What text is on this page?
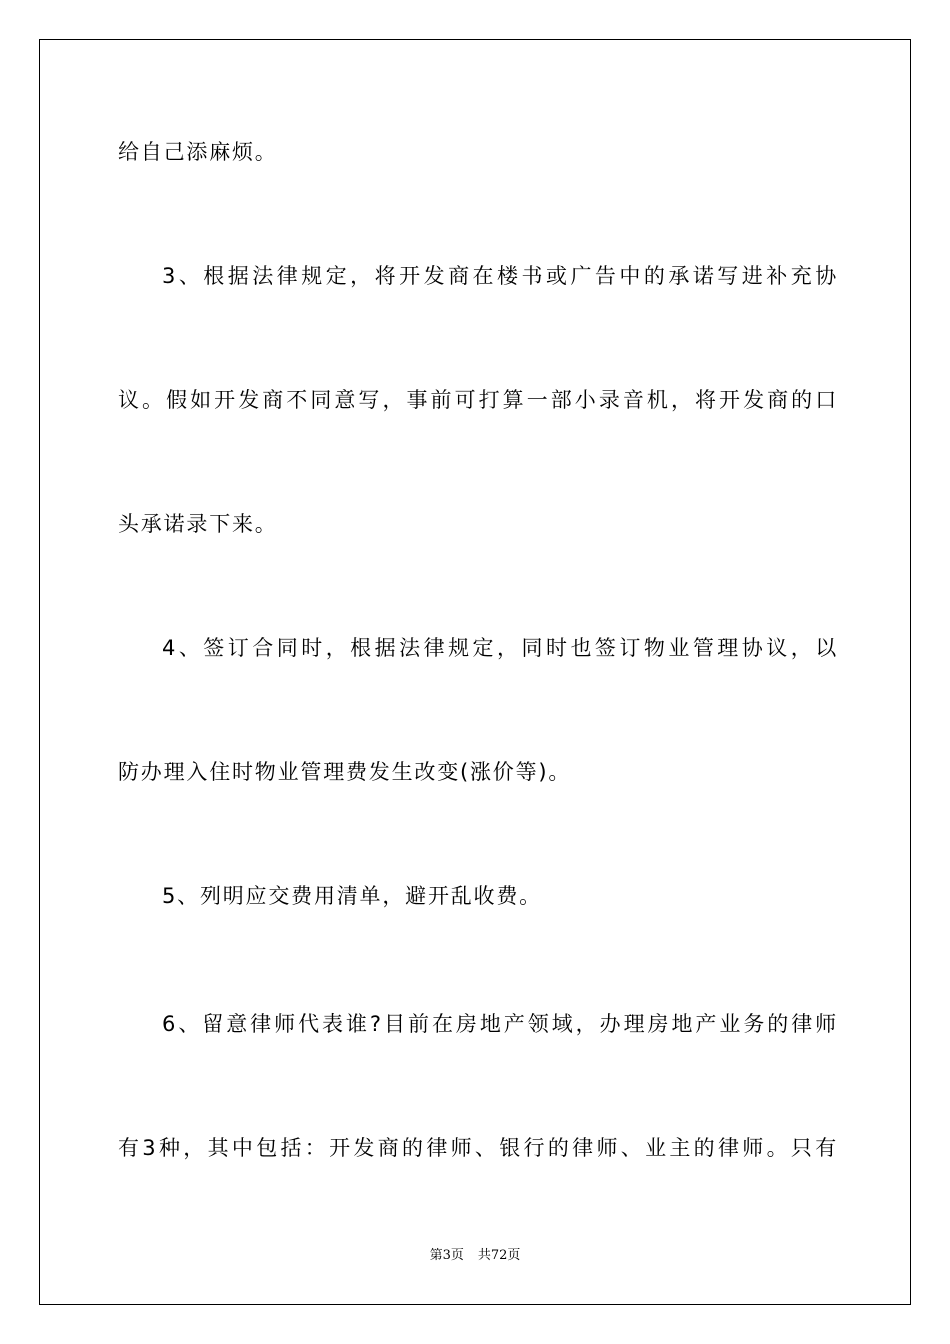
给自己添麻烦。
3、根据法律规定，将开发商在楼书或广告中的承诺写进补充协
议。假如开发商不同意写，事前可打算一部小录音机，将开发商的口
头承诺录下来。
4、签订合同时，根据法律规定，同时也签订物业管理协议，以
防办理入住时物业管理费发生改变(涨价等)。
5、列明应交费用清单，避开乱收费。
6、留意律师代表谁?目前在房地产领域，办理房地产业务的律师
有3种，其中包括：开发商的律师、银行的律师、业主的律师。只有
第3页 共72页
